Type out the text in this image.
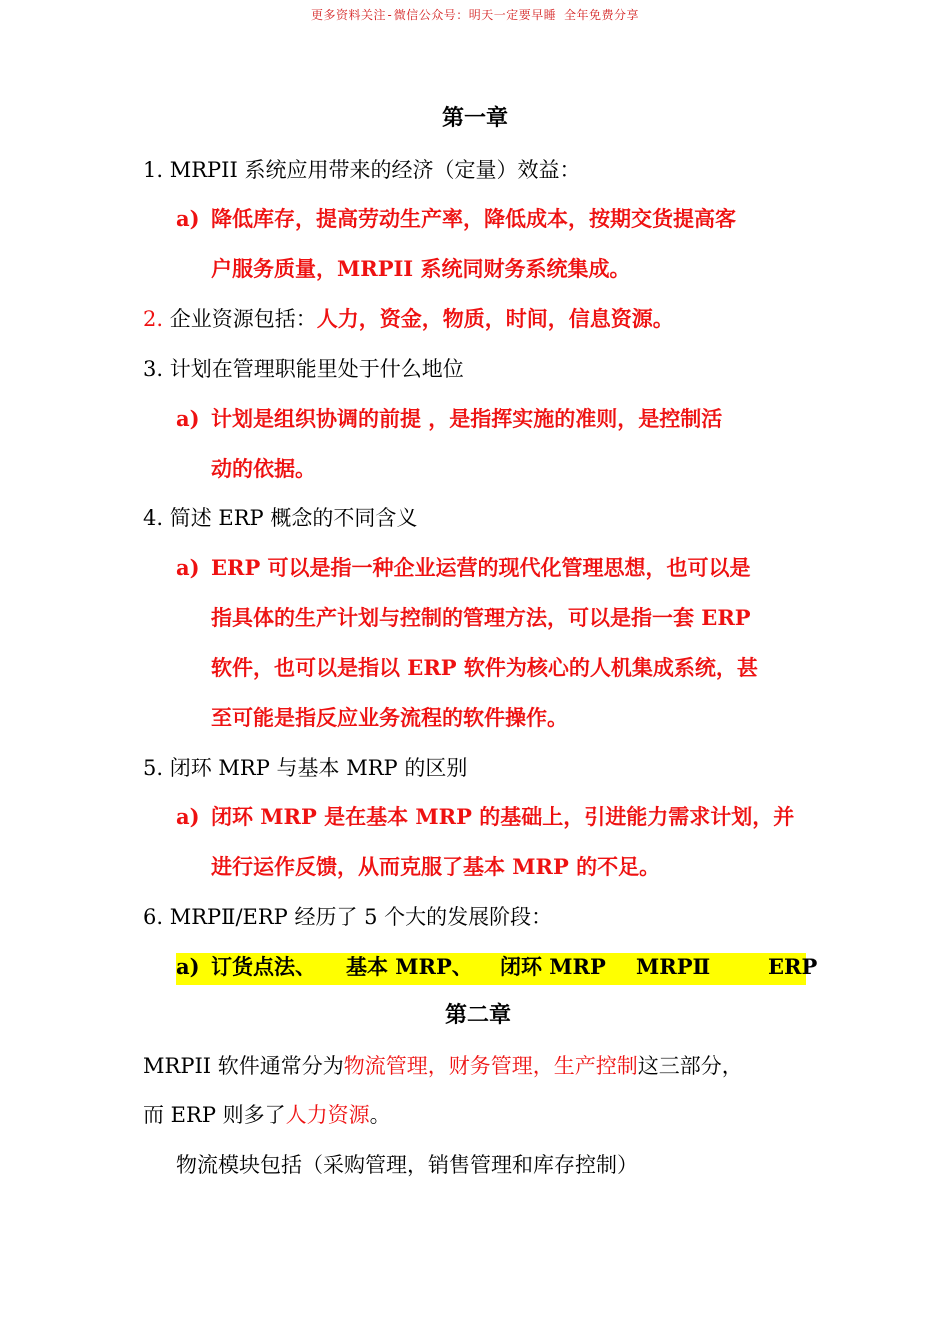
更多资料关注-微信公众号：明天一定要早睡 全年免费分享
第一章
1. MRPII 系统应用带来的经济（定量）效益：
a) 降低库存，提高劳动生产率，降低成本，按期交货提高客
户服务质量，MRPII 系统同财务系统集成。
2. 企业资源包括：人力，资金，物质，时间，信息资源。
3. 计划在管理职能里处于什么地位
a) 计划是组织协调的前提 ，是指挥实施的准则，是控制活
动的依据。
4. 简述 ERP 概念的不同含义
a) ERP 可以是指一种企业运营的现代化管理思想，也可以是
指具体的生产计划与控制的管理方法，可以是指一套 ERP
软件，也可以是指以 ERP 软件为核心的人机集成系统，甚
至可能是指反应业务流程的软件操作。
5. 闭环 MRP 与基本 MRP 的区别
a) 闭环 MRP 是在基本 MRP 的基础上，引进能力需求计划，并
进行运作反馈，从而克服了基本 MRP 的不足。
6. MRPⅡ/ERP 经历了 5 个大的发展阶段：
a) 订货点法、 基本 MRP、 闭环 MRP MRPⅡ	ERP
第二章
MRPII 软件通常分为物流管理，财务管理，生产控制这三部分，
而 ERP 则多了人力资源。
物流模块包括（采购管理，销售管理和库存控制）
